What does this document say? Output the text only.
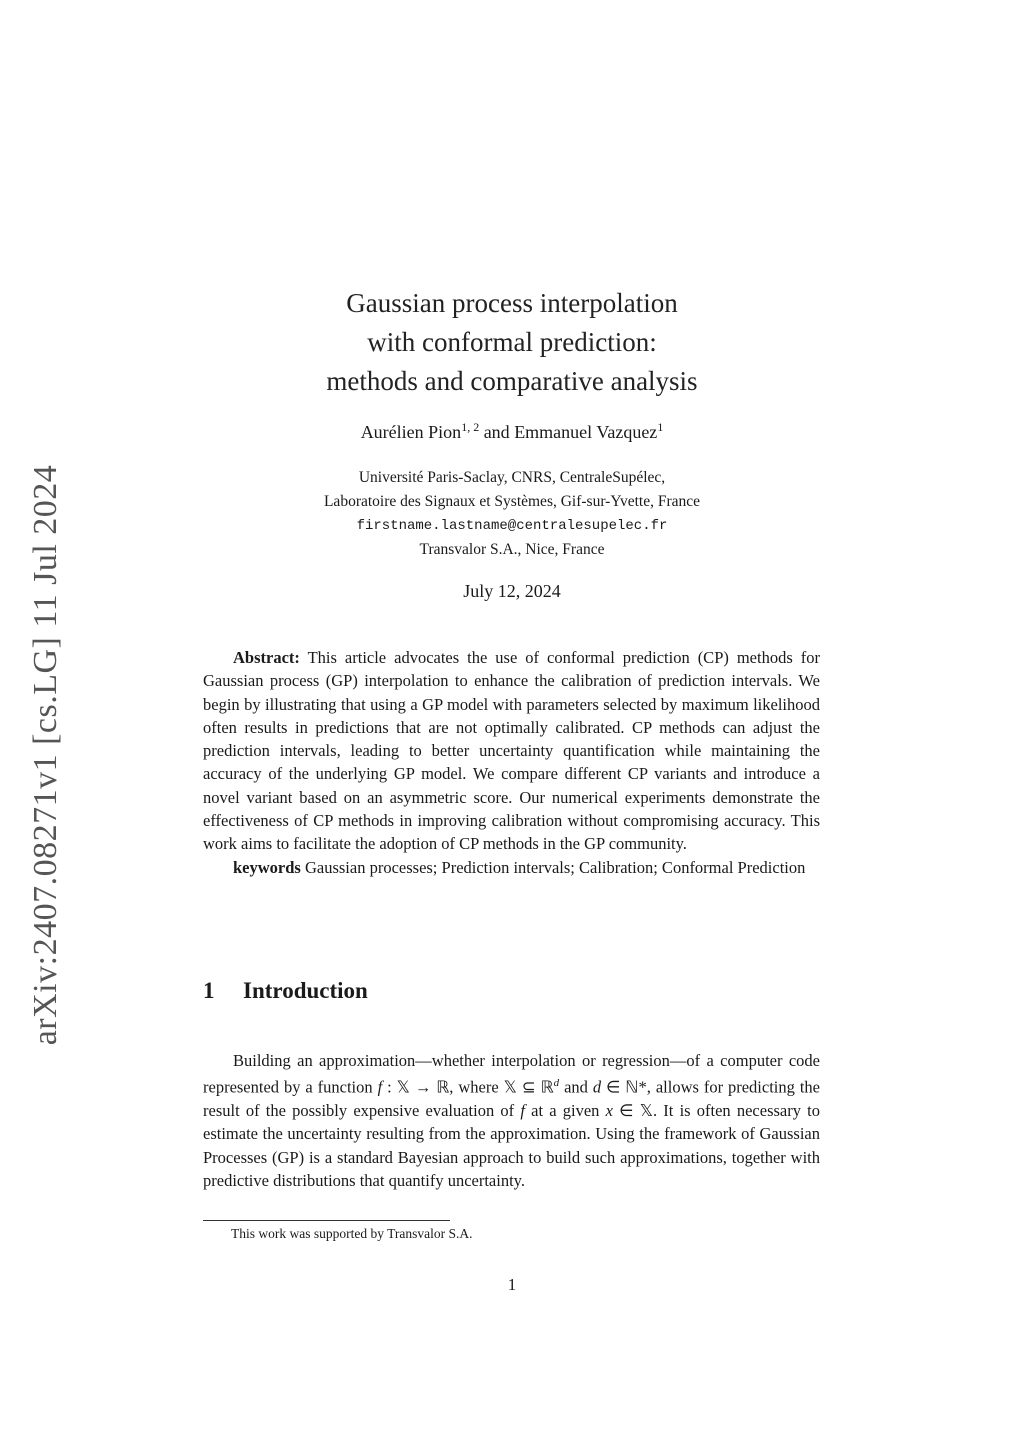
arXiv:2407.08271v1 [cs.LG] 11 Jul 2024
Gaussian process interpolation
with conformal prediction:
methods and comparative analysis
Aurélien Pion$^{1, 2}$ and Emmanuel Vazquez$^1$
Université Paris-Saclay, CNRS, CentraleSupélec,
Laboratoire des Signaux et Systèmes, Gif-sur-Yvette, France
firstname.lastname@centralesupelec.fr
Transvalor S.A., Nice, France
July 12, 2024

Abstract: This article advocates the use of conformal prediction (CP) methods for Gaussian process (GP) interpolation to enhance the calibration of prediction intervals. We begin by illustrating that using a GP model with parameters selected by maximum likelihood often results in predictions that are not optimally calibrated. CP methods can adjust the prediction intervals, leading to better uncertainty quantification while maintaining the accuracy of the underlying GP model. We compare different CP variants and introduce a novel variant based on an asymmetric score. Our numerical experiments demonstrate the effectiveness of CP methods in improving calibration without compromising accuracy. This work aims to facilitate the adoption of CP methods in the GP community.

keywords Gaussian processes; Prediction intervals; Calibration; Conformal Prediction

1 Introduction

Building an approximation—whether interpolation or regression—of a computer code represented by a function f : 𝕏 → ℝ, where 𝕏 ⊆ ℝ$^d$ and d ∈ ℕ*, allows for predicting the result of the possibly expensive evaluation of f at a given x ∈ 𝕏. It is often necessary to estimate the uncertainty resulting from the approximation. Using the framework of Gaussian Processes (GP) is a standard Bayesian approach to build such approximations, together with predictive distributions that quantify uncertainty.

This work was supported by Transvalor S.A.
1
